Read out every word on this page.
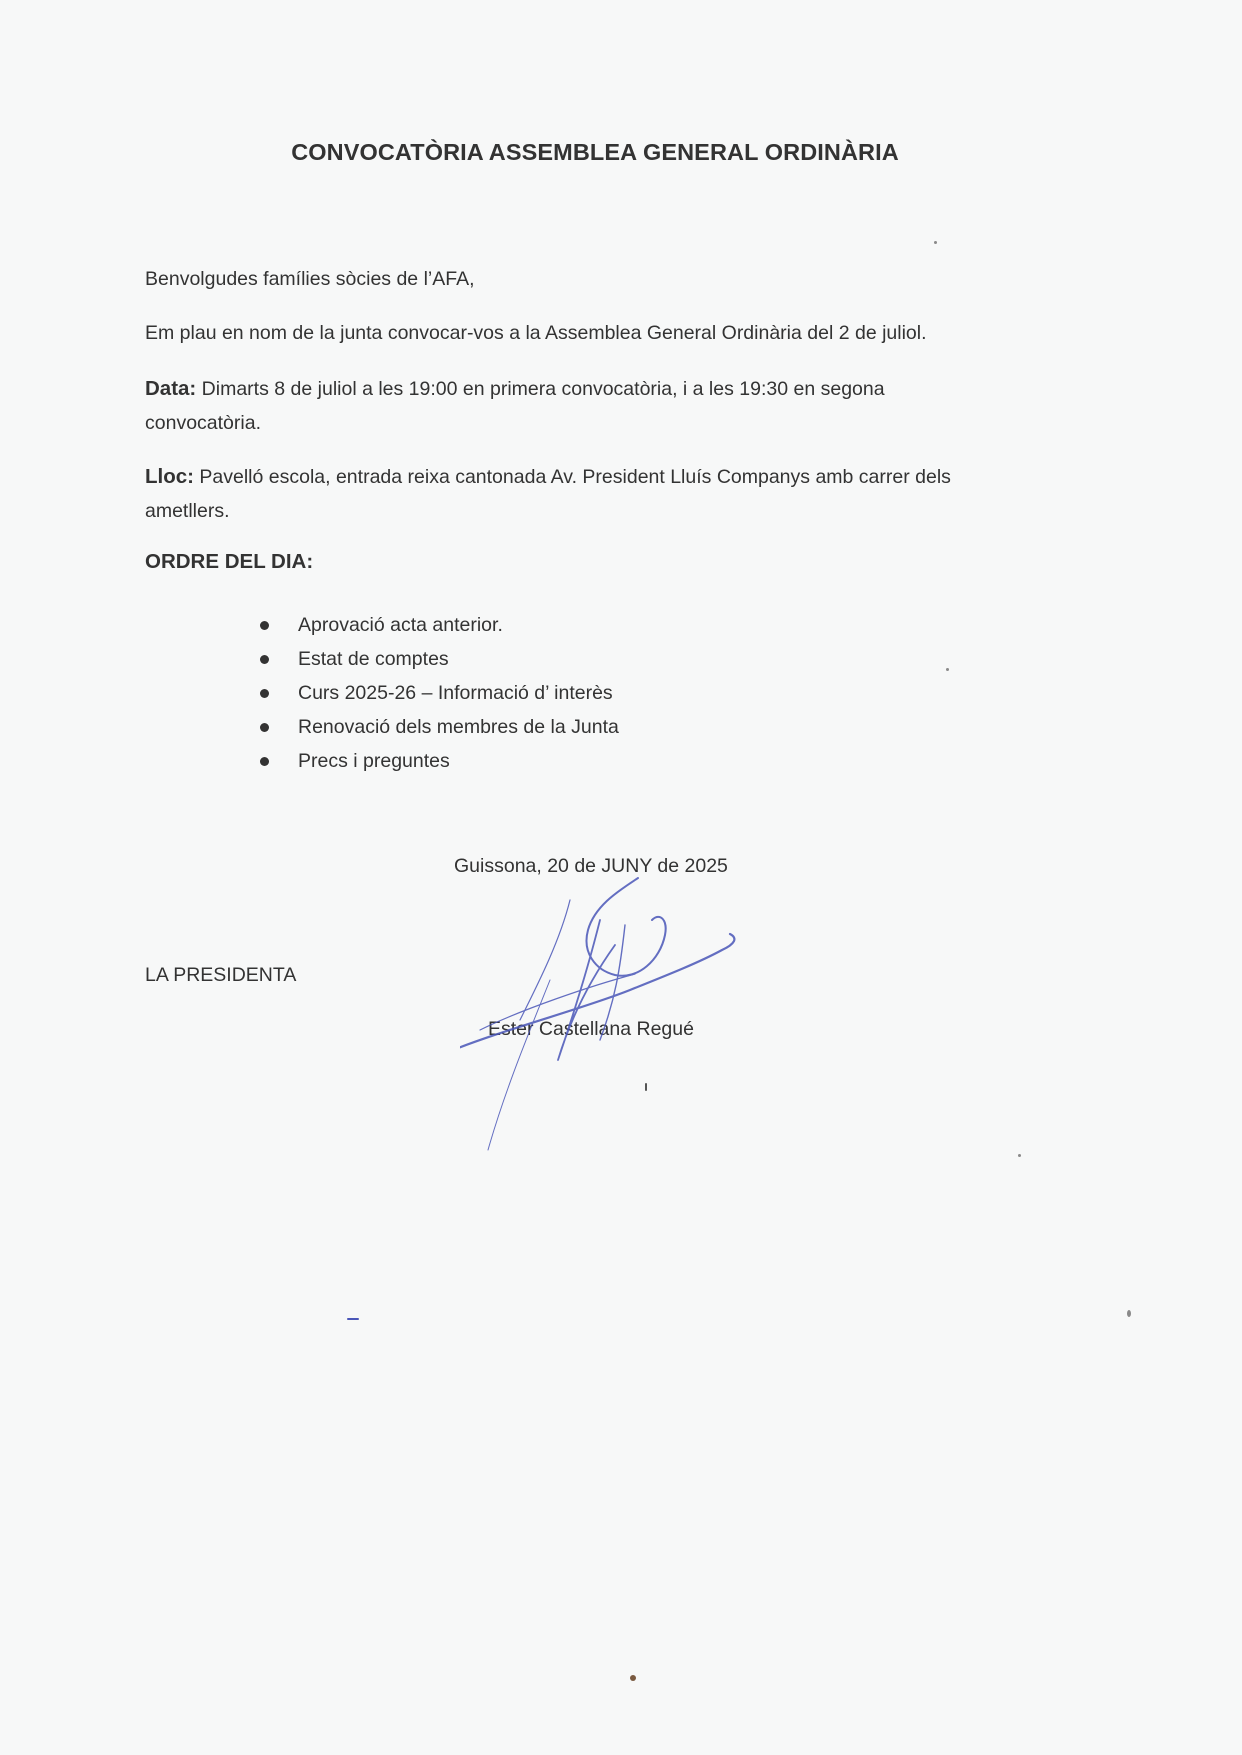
CONVOCATÒRIA ASSEMBLEA GENERAL ORDINÀRIA
Benvolgudes famílies sòcies de l’AFA,
Em plau en nom de la junta convocar-vos a la Assemblea General Ordinària del 2 de juliol.
Data: Dimarts 8 de juliol a les 19:00 en primera convocatòria, i a les 19:30 en segona
convocatòria.
Lloc: Pavelló escola, entrada reixa cantonada Av. President Lluís Companys amb carrer dels
ametllers.
ORDRE DEL DIA:
Aprovació acta anterior.
Estat de comptes
Curs 2025-26 – Informació d’ interès
Renovació dels membres de la Junta
Precs i preguntes
Guissona, 20 de JUNY de 2025
LA PRESIDENTA
Ester Castellana Regué
